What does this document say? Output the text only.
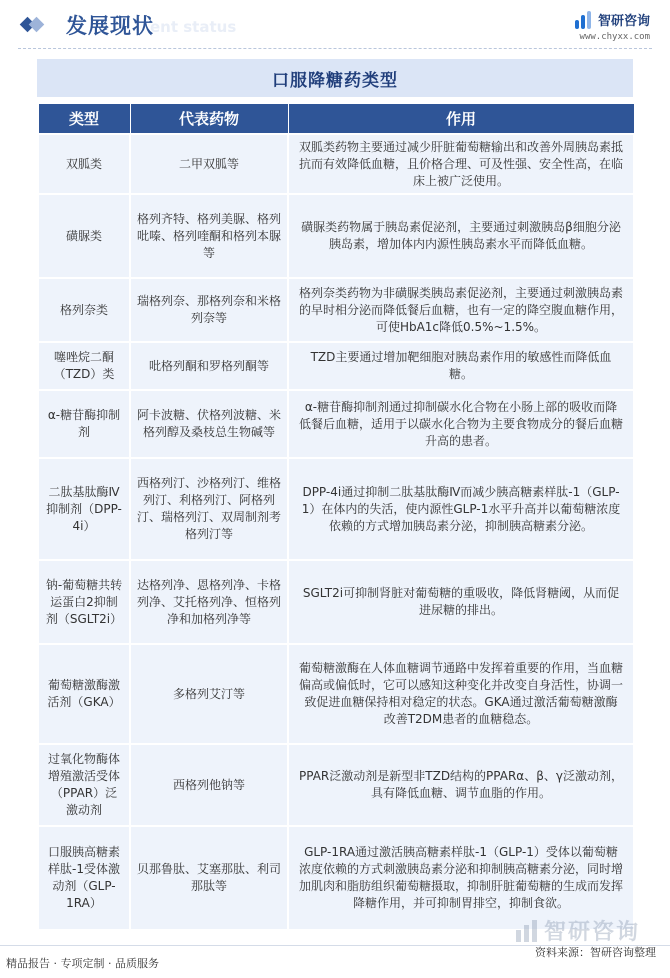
ent status
发展现状	智研咨询
www.chyxx.com
口服降糖药类型
类型	代表药物	作用
双胍类	二甲双胍等	双胍类药物主要通过减少肝脏葡萄糖输出和改善外周胰岛素抵抗而有效降低血糖，且价格合理、可及性强、安全性高，在临床上被广泛使用。
磺脲类	格列齐特、格列美脲、格列吡嗪、格列喹酮和格列本脲等	磺脲类药物属于胰岛素促泌剂，主要通过刺激胰岛β细胞分泌胰岛素，增加体内内源性胰岛素水平而降低血糖。
格列奈类	瑞格列奈、那格列奈和米格列奈等	格列奈类药物为非磺脲类胰岛素促泌剂，主要通过刺激胰岛素的早时相分泌而降低餐后血糖，也有一定的降空腹血糖作用，可使HbA1c降低0.5%~1.5%。
噻唑烷二酮（TZD）类	吡格列酮和罗格列酮等	TZD主要通过增加靶细胞对胰岛素作用的敏感性而降低血糖。
α-糖苷酶抑制剂	阿卡波糖、伏格列波糖、米格列醇及桑枝总生物碱等	α-糖苷酶抑制剂通过抑制碳水化合物在小肠上部的吸收而降低餐后血糖，适用于以碳水化合物为主要食物成分的餐后血糖升高的患者。
二肽基肽酶Ⅳ抑制剂（DPP-4i）	西格列汀、沙格列汀、维格列汀、利格列汀、阿格列汀、瑞格列汀、双周制剂考格列汀等	DPP-4i通过抑制二肽基肽酶Ⅳ而减少胰高糖素样肽-1（GLP-1）在体内的失活，使内源性GLP-1水平升高并以葡萄糖浓度依赖的方式增加胰岛素分泌，抑制胰高糖素分泌。
钠-葡萄糖共转运蛋白2抑制剂（SGLT2i）	达格列净、恩格列净、卡格列净、艾托格列净、恒格列净和加格列净等	SGLT2i可抑制肾脏对葡萄糖的重吸收，降低肾糖阈，从而促进尿糖的排出。
葡萄糖激酶激活剂（GKA）	多格列艾汀等	葡萄糖激酶在人体血糖调节通路中发挥着重要的作用，当血糖偏高或偏低时，它可以感知这种变化并改变自身活性，协调一致促进血糖保持相对稳定的状态。GKA通过激活葡萄糖激酶改善T2DM患者的血糖稳态。
过氧化物酶体增殖激活受体（PPAR）泛激动剂	西格列他钠等	PPAR泛激动剂是新型非TZD结构的PPARα、β、γ泛激动剂，具有降低血糖、调节血脂的作用。
口服胰高糖素样肽-1受体激动剂（GLP-1RA）	贝那鲁肽、艾塞那肽、利司那肽等	GLP-1RA通过激活胰高糖素样肽-1（GLP-1）受体以葡萄糖浓度依赖的方式刺激胰岛素分泌和抑制胰高糖素分泌，同时增加肌肉和脂肪组织葡萄糖摄取，抑制肝脏葡萄糖的生成而发挥降糖作用，并可抑制胃排空，抑制食欲。
智研咨询
精品报告 · 专项定制 · 品质服务
资料来源：智研咨询整理
